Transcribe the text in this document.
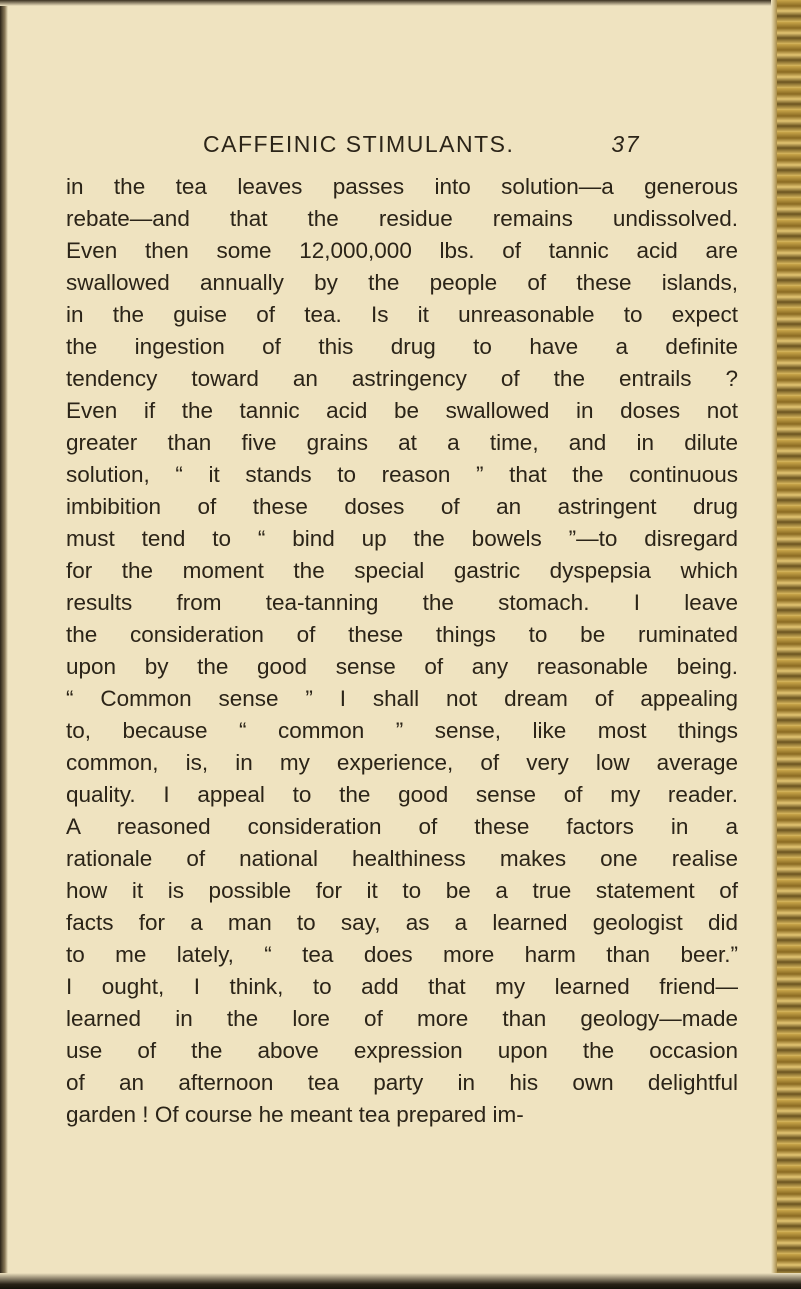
CAFFEINIC STIMULANTS.	37
in the tea leaves passes into solution—a generous
rebate—and that the residue remains undissolved.
Even then some 12,000,000 lbs. of tannic acid are
swallowed annually by the people of these islands,
in the guise of tea. Is it unreasonable to expect
the ingestion of this drug to have a definite
tendency toward an astringency of the entrails ?
Even if the tannic acid be swallowed in doses not
greater than five grains at a time, and in dilute
solution, “ it stands to reason ” that the continuous
imbibition of these doses of an astringent drug
must tend to “ bind up the bowels ”—to disregard
for the moment the special gastric dyspepsia which
results from tea-tanning the stomach. I leave
the consideration of these things to be ruminated
upon by the good sense of any reasonable being.
“ Common sense ” I shall not dream of appealing
to, because “ common ” sense, like most things
common, is, in my experience, of very low average
quality. I appeal to the good sense of my reader.
A reasoned consideration of these factors in a
rationale of national healthiness makes one realise
how it is possible for it to be a true statement of
facts for a man to say, as a learned geologist did
to me lately, “ tea does more harm than beer.”
I ought, I think, to add that my learned friend—
learned in the lore of more than geology—made
use of the above expression upon the occasion
of an afternoon tea party in his own delightful
garden ! Of course he meant tea prepared im-
